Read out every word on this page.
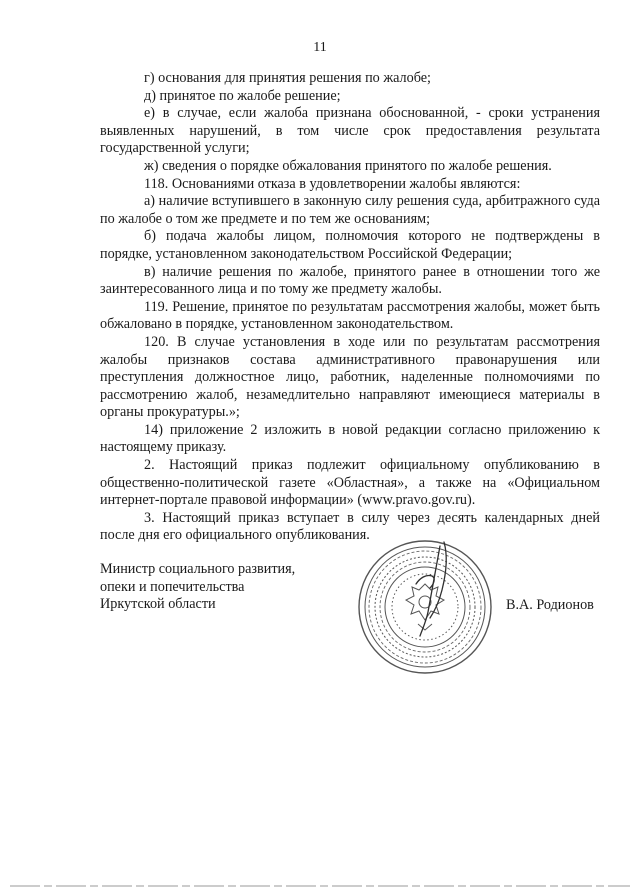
11

г) основания для принятия решения по жалобе;

д) принятое по жалобе решение;

е) в случае, если жалоба признана обоснованной, - сроки устранения выявленных нарушений, в том числе срок предоставления результата государственной услуги;

ж) сведения о порядке обжалования принятого по жалобе решения.

118. Основаниями отказа в удовлетворении жалобы являются:

а) наличие вступившего в законную силу решения суда, арбитражного суда по жалобе о том же предмете и по тем же основаниям;

б) подача жалобы лицом, полномочия которого не подтверждены в порядке, установленном законодательством Российской Федерации;

в) наличие решения по жалобе, принятого ранее в отношении того же заинтересованного лица и по тому же предмету жалобы.

119. Решение, принятое по результатам рассмотрения жалобы, может быть обжаловано в порядке, установленном законодательством.

120. В случае установления в ходе или по результатам рассмотрения жалобы признаков состава административного правонарушения или преступления должностное лицо, работник, наделенные полномочиями по рассмотрению жалоб, незамедлительно направляют имеющиеся материалы в органы прокуратуры.»;

14) приложение 2 изложить в новой редакции согласно приложению к настоящему приказу.

2. Настоящий приказ подлежит официальному опубликованию в общественно-политической газете «Областная», а также на «Официальном интернет-портале правовой информации» (www.pravo.gov.ru).

3. Настоящий приказ вступает в силу через десять календарных дней после дня его официального опубликования.

Министр социального развития,
опеки и попечительства
Иркутской области	В.А. Родионов
